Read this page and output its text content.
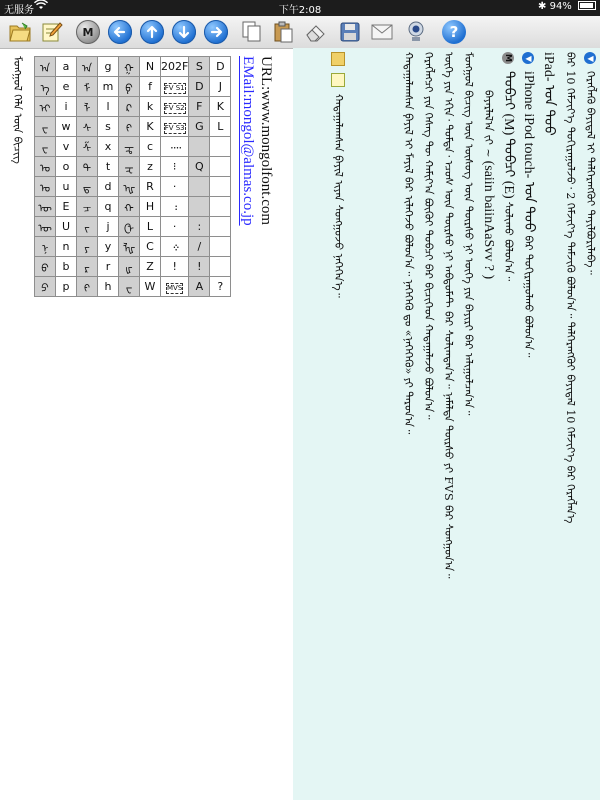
无服务	下午2:08	✱ 94%
M	?
ᠮᠣᠩᠭᠣᠯ ᠬᠡᠯᠡ ᠦᠨ ᠪᠢᠴᠢᠭ ᠠ	a	ᠠ	g	ᠭ	N	202F	S	D
ᠡ	e	ᠮ	m	ᠹ	f	FV S1	D	J
ᠢ	i	ᠯ	l	ᠺ	k	FV S2	F	K
ᠸ	w	ᠰ	s	ᠻ	K	FV S3	G	L
ᠸ	v	ᠱ	x	ᠼ	c	᠁		
ᠣ	o	ᠲ	t	ᠽ	z	⁝	Q	
ᠤ	u	ᠳ	d	ᠾ	R	·		
ᠥ	E	ᠴ	q	ᠬ	H	᠄		
ᠦ	U	ᠵ	j	ᠿ	L	·	:	
ᠨ	n	ᠶ	y	ᡀ	C	᠅	/	
ᠪ	b	ᠷ	r	ᡁ	Z	!	!	
ᠫ	p	ᠻ	h	ᠸ	W	MVS	A	?
URL:www.mongolfont.com
EMail:mongol@almas.co.jp	◀ ᠬᠡᠷᠡᠭᠯᠡᠬᠦ ᠪᠠᠶᠢᠳᠠᠯ ᠢ ᠳᠡᠯᠭᠡᠷᠡᠩᠭᠦᠢ ᠲᠠᠶᠢᠯᠪᠤᠷᠢᠯᠠᠪᠠ᠃
ᠪᠠᠷ 10 ᠬᠡᠮᠵᠢᠶ᠎ᠡ ᠲᠣᠬᠢᠷᠠᠭᠤᠯᠵᠤ᠂ 2 ᠬᠡᠮᠵᠢᠶ᠎ᠡ ᠳᠡᠮᠵᠢᠬᠦ ᠪᠣᠯᠤᠨ᠎ᠠ᠃ ᠳᠡᠯᠭᠡᠷᠡᠩᠭᠦᠢ ᠪᠠᠶᠢᠳᠠᠯ 10 ᠬᠡᠮᠵᠢᠶ᠎ᠡ ᠪᠠᠷ ᠬᠡᠷᠡᠭᠯᠡᠨ᠎ᠡ
iPad- ᠤᠨ ᠳᠤᠤ
◀ iPhone iPod touch- ᠤᠨ ᠳᠤᠤ ᠪᠠᠷ ᠲᠣᠬᠢᠷᠠᠭᠤᠯᠬᠤ ᠪᠣᠯᠤᠨ᠎ᠠ᠃
M ᠲᠣᠪᠴᠢ (M) ᠲᠣᠪᠴᠢ (E) ᠰᠣᠯᠢᠬᠤ ᠪᠣᠯᠤᠨ᠎ᠠ᠃
ᠪᠠᠶᠠᠷᠯᠠᠯ᠎ᠠ ᠵᠢ ~ (saiin baiinAaSvv ? )
ᠮᠣᠩᠭᠣᠯ ᠪᠢᠴᠢᠭ ᠦᠨ ᠦᠰᠦᠭ ᠦᠨ ᠳᠦᠷᠰᠦ ᠨᠢ ᠦᠭᠡ ᠶᠢᠨ ᠪᠠᠶᠢᠷᠢ ᠪᠠᠷ ᠠᠯᠢᠭᠤᠯᠴᠠᠨ᠎ᠠ᠃
ᠦᠭᠡ ᠶᠢᠨ ᠡᠬᠢᠨ᠂ ᠳᠤᠮᠳᠠ᠂ ᠡᠴᠦᠰ ᠦᠨ ᠳᠦᠷᠰᠦ ᠨᠢ ᠠᠪᠲᠣᠮᠠᠲ ᠪᠠᠷ ᠰᠣᠯᠢᠭᠳᠠᠨ᠎ᠠ᠃ ᠨᠡᠮᠡᠯᠲᠡ ᠳᠦᠷᠰᠦ ᠶᠢ FVS ᠪᠠᠷ ᠰᠣᠩᠭᠣᠨ᠎ᠠ᠃
ᠬᠡᠷᠡᠭᠯᠡᠭᠴᠢ ᠶᠢᠨ ᠬᠡᠰᠡᠭ ᠲᠦ ᠬᠠᠮᠢᠶ᠎ᠠ ᠪᠦᠬᠦᠢ ᠲᠣᠪᠴᠢ ᠪᠠᠷ ᠪᠢᠴᠢᠭᠡᠳ ᠬᠠᠳᠠᠭᠠᠯᠠᠵᠤ ᠪᠣᠯᠤᠨ᠎ᠠ᠃
ᠬᠠᠳᠠᠭᠠᠯᠠᠭᠰᠠᠨ ᠹᠠᠶᠢᠯ ᠢ ᠮᠡᠶᠢᠯ ᠪᠠᠷ ᠢᠯᠡᠭᠡᠵᠦ ᠪᠣᠯᠤᠨ᠎ᠠ᠃ ᠨᠡᠭᠡᠭᠡᠬᠦ ᠳᠤ «ᠨᠡᠭᠡᠭᠡᠬᠦ» ᠶᠢ ᠳᠠᠷᠤᠨ᠎ᠠ᠃
ᠬᠠᠳᠠᠭᠠᠯᠠᠭᠰᠠᠨ ᠹᠠᠶᠢᠯ ᠢᠶᠠᠨ ᠰᠣᠩᠭᠣᠵᠤ ᠨᠡᠭᠡᠭᠡᠨ᠎ᠡ᠃
